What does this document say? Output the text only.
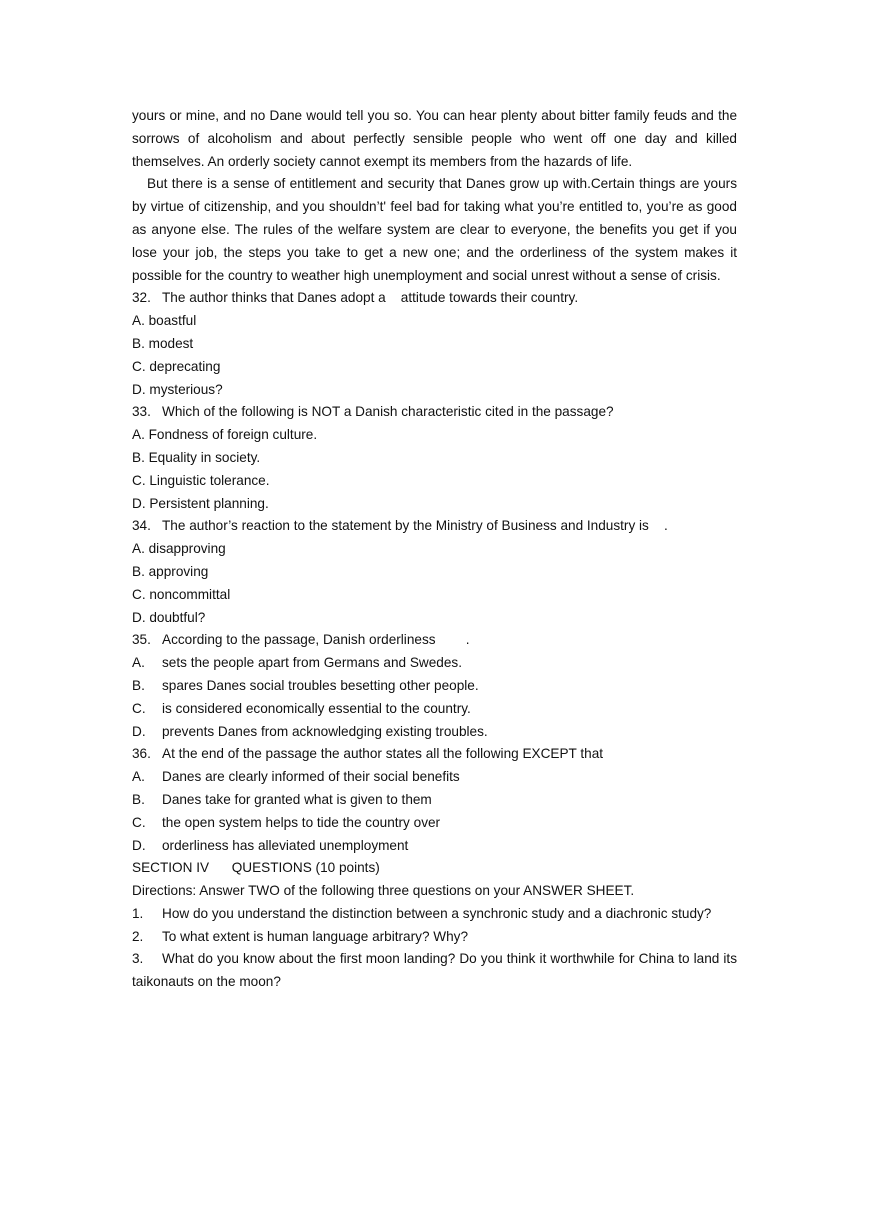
yours or mine, and no Dane would tell you so. You can hear plenty about bitter family feuds and the sorrows of alcoholism and about perfectly sensible people who went off one day and killed themselves. An orderly society cannot exempt its members from the hazards of life.

But there is a sense of entitlement and security that Danes grow up with.Certain things are yours by virtue of citizenship, and you shouldn’t' feel bad for taking what you’re entitled to, you’re as good as anyone else. The rules of the welfare system are clear to everyone, the benefits you get if you lose your job, the steps you take to get a new one; and the orderliness of the system makes it possible for the country to weather high unemployment and social unrest without a sense of crisis.

32. The author thinks that Danes adopt a    attitude towards their country.

A. boastful

B. modest

C. deprecating

D. mysterious?

33. Which of the following is NOT a Danish characteristic cited in the passage?

A. Fondness of foreign culture.

B. Equality in society.

C. Linguistic tolerance.

D. Persistent planning.

34. The author’s reaction to the statement by the Ministry of Business and Industry is    .

A. disapproving

B. approving

C. noncommittal

D. doubtful?

35. According to the passage, Danish orderliness        .
A.	sets the people apart from Germans and Swedes.
B.	spares Danes social troubles besetting other people.
C.	is considered economically essential to the country.
D.	prevents Danes from acknowledging existing troubles.
36. At the end of the passage the author states all the following EXCEPT that
A.	Danes are clearly informed of their social benefits
B.	Danes take for granted what is given to them
C.	the open system helps to tide the country over
D.	orderliness has alleviated unemployment

SECTION IV      QUESTIONS (10 points)

Directions: Answer TWO of the following three questions on your ANSWER SHEET.

1.	How do you understand the distinction between a synchronic study and a diachronic study?
2.	To what extent is human language arbitrary? Why?

3. What do you know about the first moon landing? Do you think it worthwhile for China to land its taikonauts on the moon?
